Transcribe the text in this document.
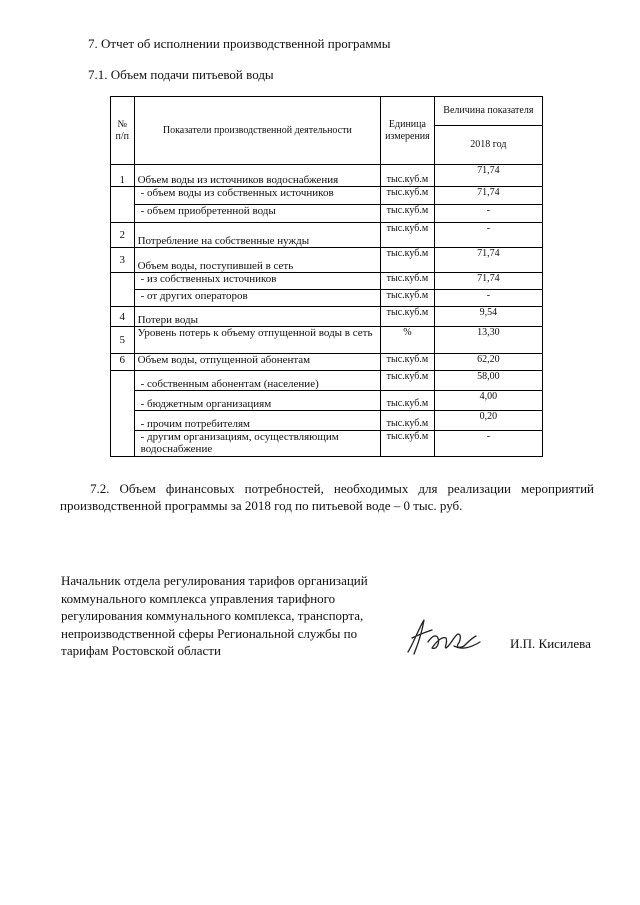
7. Отчет об исполнении производственной программы
7.1. Объем подачи питьевой воды
№ п/п	Показатели производственной деятельности	Единица измерения	Величина показателя
			2018 год
1	Объем воды из источников водоснабжения	тыс.куб.м	71,74
	- объем воды из собственных источников	тыс.куб.м	71,74
	- объем приобретенной воды	тыс.куб.м	-
2	Потребление на собственные нужды	тыс.куб.м	-
3	Объем воды, поступившей в сеть	тыс.куб.м	71,74
	- из собственных источников	тыс.куб.м	71,74
	- от других операторов	тыс.куб.м	-
4	Потери воды	тыс.куб.м	9,54
5	Уровень потерь к объему отпущенной воды в сеть	%	13,30
6	Объем воды, отпущенной абонентам	тыс.куб.м	62,20
	- собственным абонентам (население)	тыс.куб.м	58,00
	- бюджетным организациям	тыс.куб.м	4,00
	- прочим потребителям	тыс.куб.м	0,20
	- другим организациям, осуществляющим водоснабжение	тыс.куб.м	-
7.2. Объем финансовых потребностей, необходимых для реализации мероприятий производственной программы за 2018 год по питьевой воде – 0 тыс. руб.
Начальник отдела регулирования тарифов организаций коммунального комплекса управления тарифного регулирования коммунального комплекса, транспорта, непроизводственной сферы Региональной службы по тарифам Ростовской области	И.П. Кисилева
